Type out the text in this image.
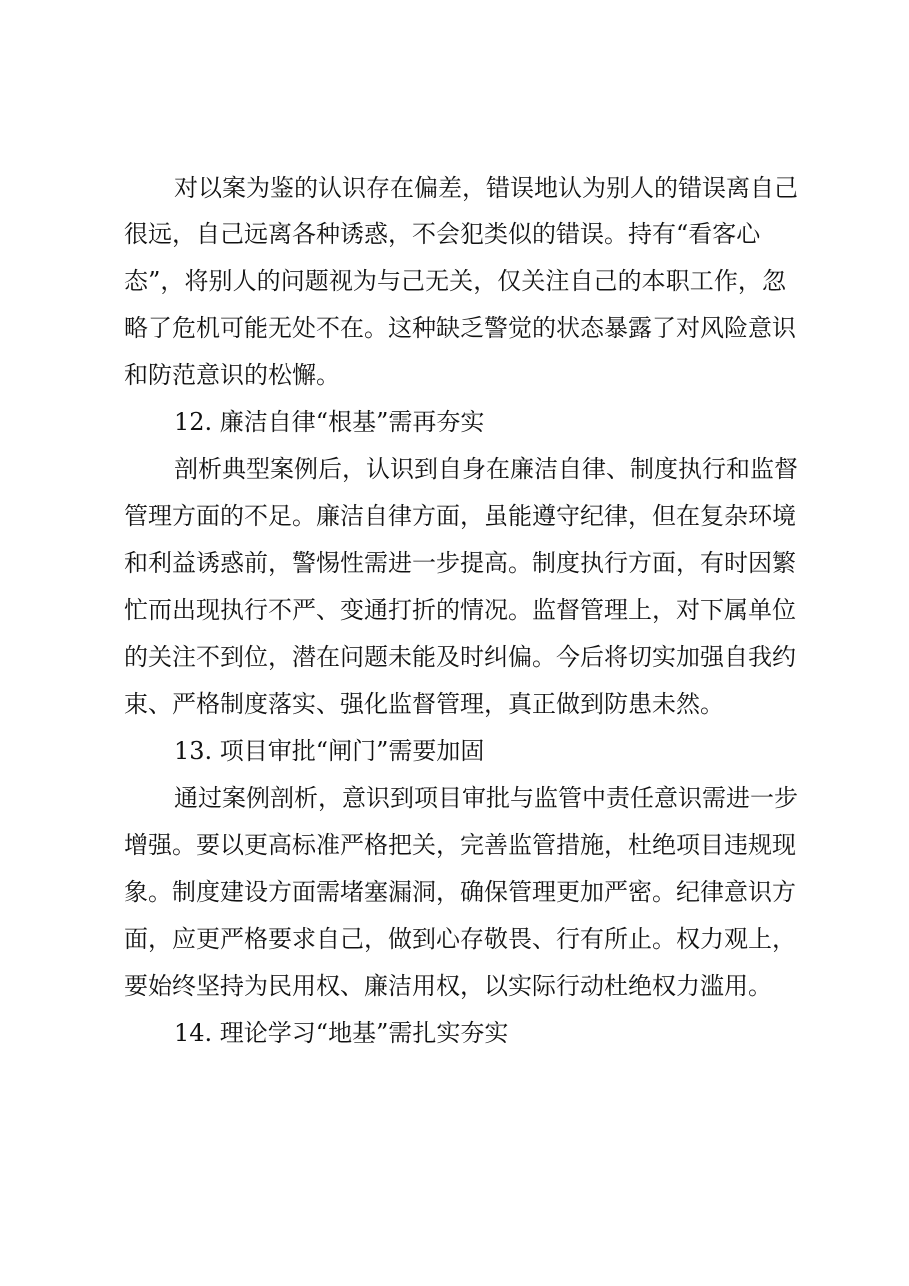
对 以 案 为 鉴 的 认 识 存 在 偏 差 ， 错 误 地 认 为 别 人 的 错 误 离 自 己
很 远 ， 自 己 远 离 各 种 诱 惑 ， 不 会 犯 类 似 的 错 误 。 持 有 “ 看 客 心
态 ” ， 将 别 人 的 问 题 视 为 与 己 无 关 ， 仅 关 注 自 己 的 本 职 工 作 ， 忽
略 了 危 机 可 能 无 处 不 在 。 这 种 缺 乏 警 觉 的 状 态 暴 露 了 对 风 险 意 识
和防范意识的松懈。
12. 廉洁自律“根基”需再夯实
剖 析 典 型 案 例 后 ， 认 识 到 自 身 在 廉 洁 自 律 、 制 度 执 行 和 监 督
管 理 方 面 的 不 足 。 廉 洁 自 律 方 面 ， 虽 能 遵 守 纪 律 ， 但 在 复 杂 环 境
和 利 益 诱 惑 前 ， 警 惕 性 需 进 一 步 提 高 。 制 度 执 行 方 面 ， 有 时 因 繁
忙 而 出 现 执 行 不 严 、 变 通 打 折 的 情 况 。 监 督 管 理 上 ， 对 下 属 单 位
的 关 注 不 到 位 ， 潜 在 问 题 未 能 及 时 纠 偏 。 今 后 将 切 实 加 强 自 我 约
束、严格制度落实、强化监督管理，真正做到防患未然。
13. 项目审批“闸门”需要加固
通 过 案 例 剖 析 ， 意 识 到 项 目 审 批 与 监 管 中 责 任 意 识 需 进 一 步
增 强 。 要 以 更 高 标 准 严 格 把 关 ， 完 善 监 管 措 施 ， 杜 绝 项 目 违 规 现
象 。 制 度 建 设 方 面 需 堵 塞 漏 洞 ， 确 保 管 理 更 加 严 密 。 纪 律 意 识 方
面 ， 应 更 严 格 要 求 自 己 ， 做 到 心 存 敬 畏 、 行 有 所 止 。 权 力 观 上 ，
要始终坚持为民用权、廉洁用权，以实际行动杜绝权力滥用。
14. 理论学习“地基”需扎实夯实
